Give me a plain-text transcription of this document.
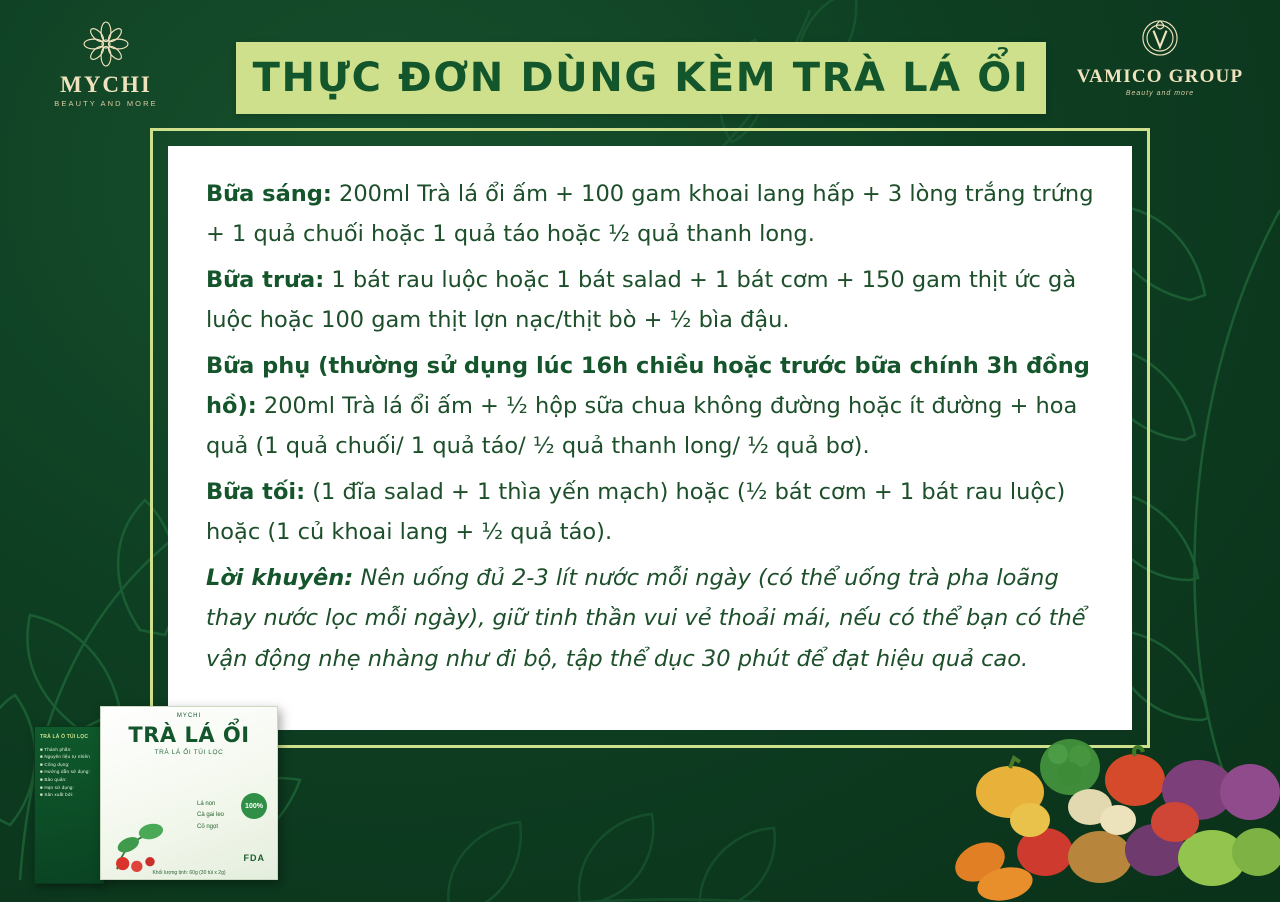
MYCHI
BEAUTY AND MORE
VAMICO GROUP
Beauty and more
THỰC ĐƠN DÙNG KÈM TRÀ LÁ ỔI

Bữa sáng: 200ml Trà lá ổi ấm + 100 gam khoai lang hấp + 3 lòng trắng trứng + 1 quả chuối hoặc 1 quả táo hoặc ½ quả thanh long.

Bữa trưa: 1 bát rau luộc hoặc 1 bát salad + 1 bát cơm + 150 gam thịt ức gà luộc hoặc 100 gam thịt lợn nạc/thịt bò + ½ bìa đậu.

Bữa phụ (thường sử dụng lúc 16h chiều hoặc trước bữa chính 3h đồng hồ): 200ml Trà lá ổi ấm + ½ hộp sữa chua không đường hoặc ít đường + hoa quả (1 quả chuối/ 1 quả táo/ ½ quả thanh long/ ½ quả bơ).

Bữa tối: (1 đĩa salad + 1 thìa yến mạch) hoặc (½ bát cơm + 1 bát rau luộc) hoặc (1 củ khoai lang + ½ quả táo).

Lời khuyên: Nên uống đủ 2-3 lít nước mỗi ngày (có thể uống trà pha loãng thay nước lọc mỗi ngày), giữ tinh thần vui vẻ thoải mái, nếu có thể bạn có thể vận động nhẹ nhàng như đi bộ, tập thể dục 30 phút để đạt hiệu quả cao.

TRÀ LÁ Ổ TÚI LỌC
■ Thành phần:
■ Nguyên liệu tự nhiên
■ Công dụng:
■ Hướng dẫn sử dụng:
■ Bảo quản:
■ Hạn sử dụng:
■ Sản xuất bởi:
MYCHI
TRÀ LÁ ỔI
TRÀ LÁ ỔI TÚI LỌC
Lá non
Cà gai leo
Cỏ ngọt
100%
FDA
Khối lượng tịnh: 60g (30 túi x 2g)
